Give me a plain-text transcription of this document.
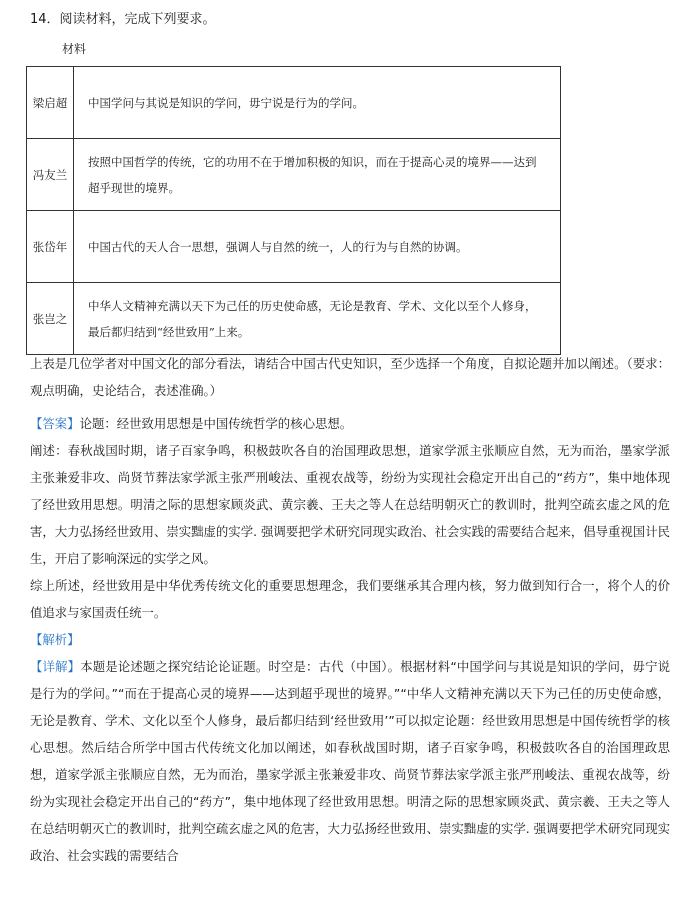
14．阅读材料，完成下列要求。
材料
梁启超	中国学问与其说是知识的学问，毋宁说是行为的学问。

冯友兰	按照中国哲学的传统，它的功用不在于增加积极的知识，而在于提高心灵的境界——达到超乎现世的境界。

张岱年	中国古代的天人合一思想，强调人与自然的统一，人的行为与自然的协调。

张岂之	中华人文精神充满以天下为己任的历史使命感，无论是教育、学术、文化以至个人修身，最后都归结到“经世致用”上来。
上表是几位学者对中国文化的部分看法，请结合中国古代史知识，至少选择一个角度，自拟论题并加以阐述。（要求：观点明确，史论结合，表述准确。）
【答案】论题：经世致用思想是中国传统哲学的核心思想。
阐述：春秋战国时期，诸子百家争鸣，积极鼓吹各自的治国理政思想，道家学派主张顺应自然，无为而治，墨家学派主张兼爱非攻、尚贤节葬法家学派主张严刑峻法、重视农战等，纷纷为实现社会稳定开出自己的“药方”，集中地体现了经世致用思想。明清之际的思想家顾炎武、黄宗羲、王夫之等人在总结明朝灭亡的教训时，批判空疏玄虚之风的危害，大力弘扬经世致用、崇实黜虚的实学. 强调要把学术研究同现实政治、社会实践的需要结合起来，倡导重视国计民生，开启了影响深远的实学之风。
综上所述，经世致用是中华优秀传统文化的重要思想理念，我们要继承其合理内核，努力做到知行合一，将个人的价值追求与家国责任统一。
【解析】
【详解】本题是论述题之探究结论论证题。时空是：古代（中国）。根据材料“中国学问与其说是知识的学问，毋宁说是行为的学问。”“而在于提高心灵的境界——达到超乎现世的境界。”“中华人文精神充满以天下为己任的历史使命感，无论是教育、学术、文化以至个人修身，最后都归结到‘经世致用’”可以拟定论题：经世致用思想是中国传统哲学的核心思想。然后结合所学中国古代传统文化加以阐述，如春秋战国时期，诸子百家争鸣，积极鼓吹各自的治国理政思想，道家学派主张顺应自然，无为而治，墨家学派主张兼爱非攻、尚贤节葬法家学派主张严刑峻法、重视农战等，纷纷为实现社会稳定开出自己的“药方”，集中地体现了经世致用思想。明清之际的思想家顾炎武、黄宗羲、王夫之等人在总结明朝灭亡的教训时，批判空疏玄虚之风的危害，大力弘扬经世致用、崇实黜虚的实学. 强调要把学术研究同现实政治、社会实践的需要结合
